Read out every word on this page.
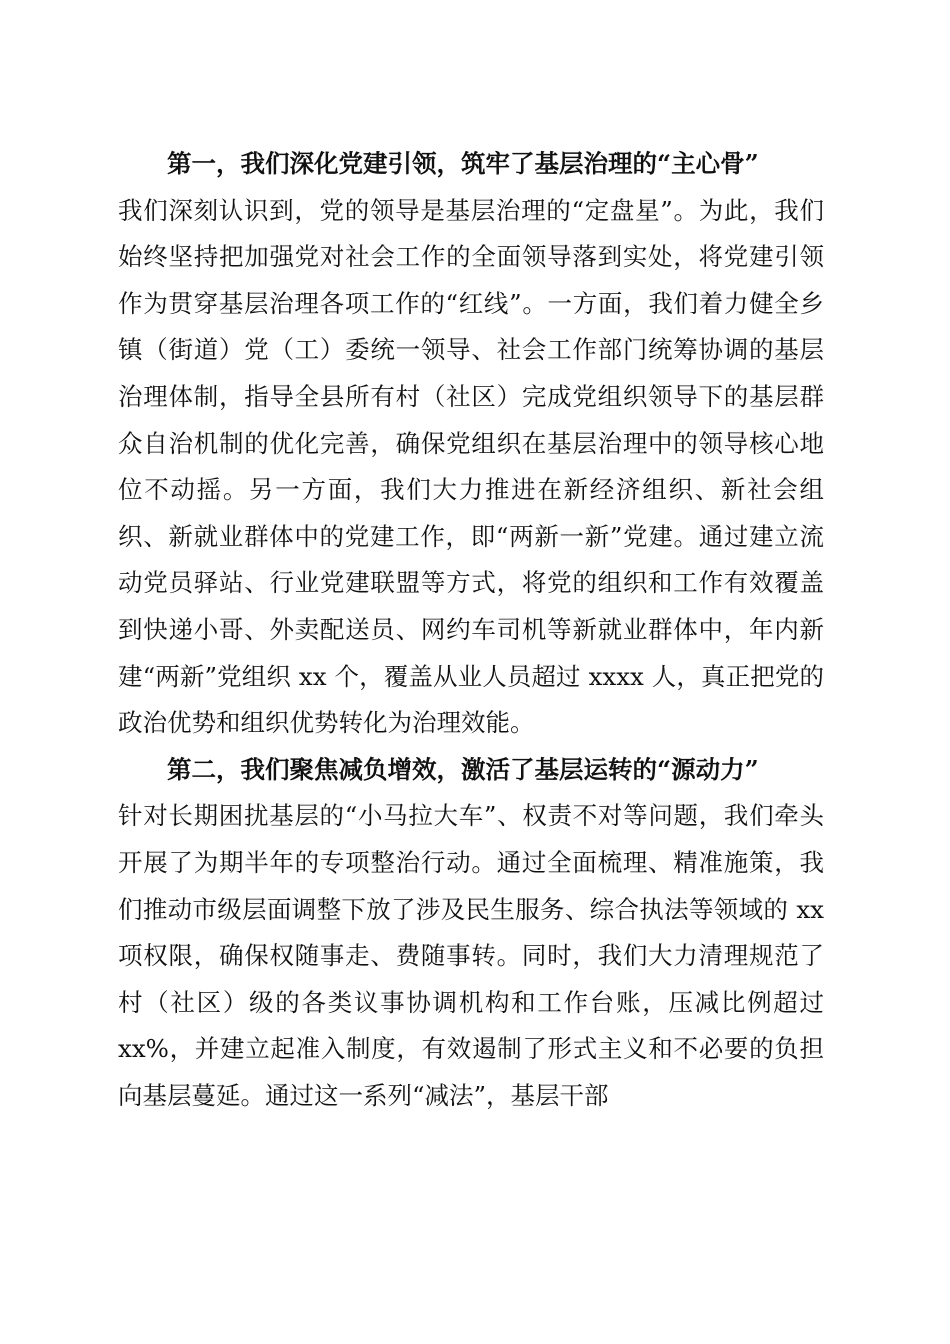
第一，我们深化党建引领，筑牢了基层治理的“主心骨”
我们深刻认识到，党的领导是基层治理的“定盘星”。为此，我们始终坚持把加强党对社会工作的全面领导落到实处，将党建引领作为贯穿基层治理各项工作的“红线”。一方面，我们着力健全乡镇（街道）党（工）委统一领导、社会工作部门统筹协调的基层治理体制，指导全县所有村（社区）完成党组织领导下的基层群众自治机制的优化完善，确保党组织在基层治理中的领导核心地位不动摇。另一方面，我们大力推进在新经济组织、新社会组织、新就业群体中的党建工作，即“两新一新”党建。通过建立流动党员驿站、行业党建联盟等方式，将党的组织和工作有效覆盖到快递小哥、外卖配送员、网约车司机等新就业群体中，年内新建“两新”党组织 xx 个，覆盖从业人员超过 xxxx 人，真正把党的政治优势和组织优势转化为治理效能。

第二，我们聚焦减负增效，激活了基层运转的“源动力”
针对长期困扰基层的“小马拉大车”、权责不对等问题，我们牵头开展了为期半年的专项整治行动。通过全面梳理、精准施策，我们推动市级层面调整下放了涉及民生服务、综合执法等领域的 xx 项权限，确保权随事走、费随事转。同时，我们大力清理规范了村（社区）级的各类议事协调机构和工作台账，压减比例超过 xx%，并建立起准入制度，有效遏制了形式主义和不必要的负担向基层蔓延。通过这一系列“减法”，基层干部
